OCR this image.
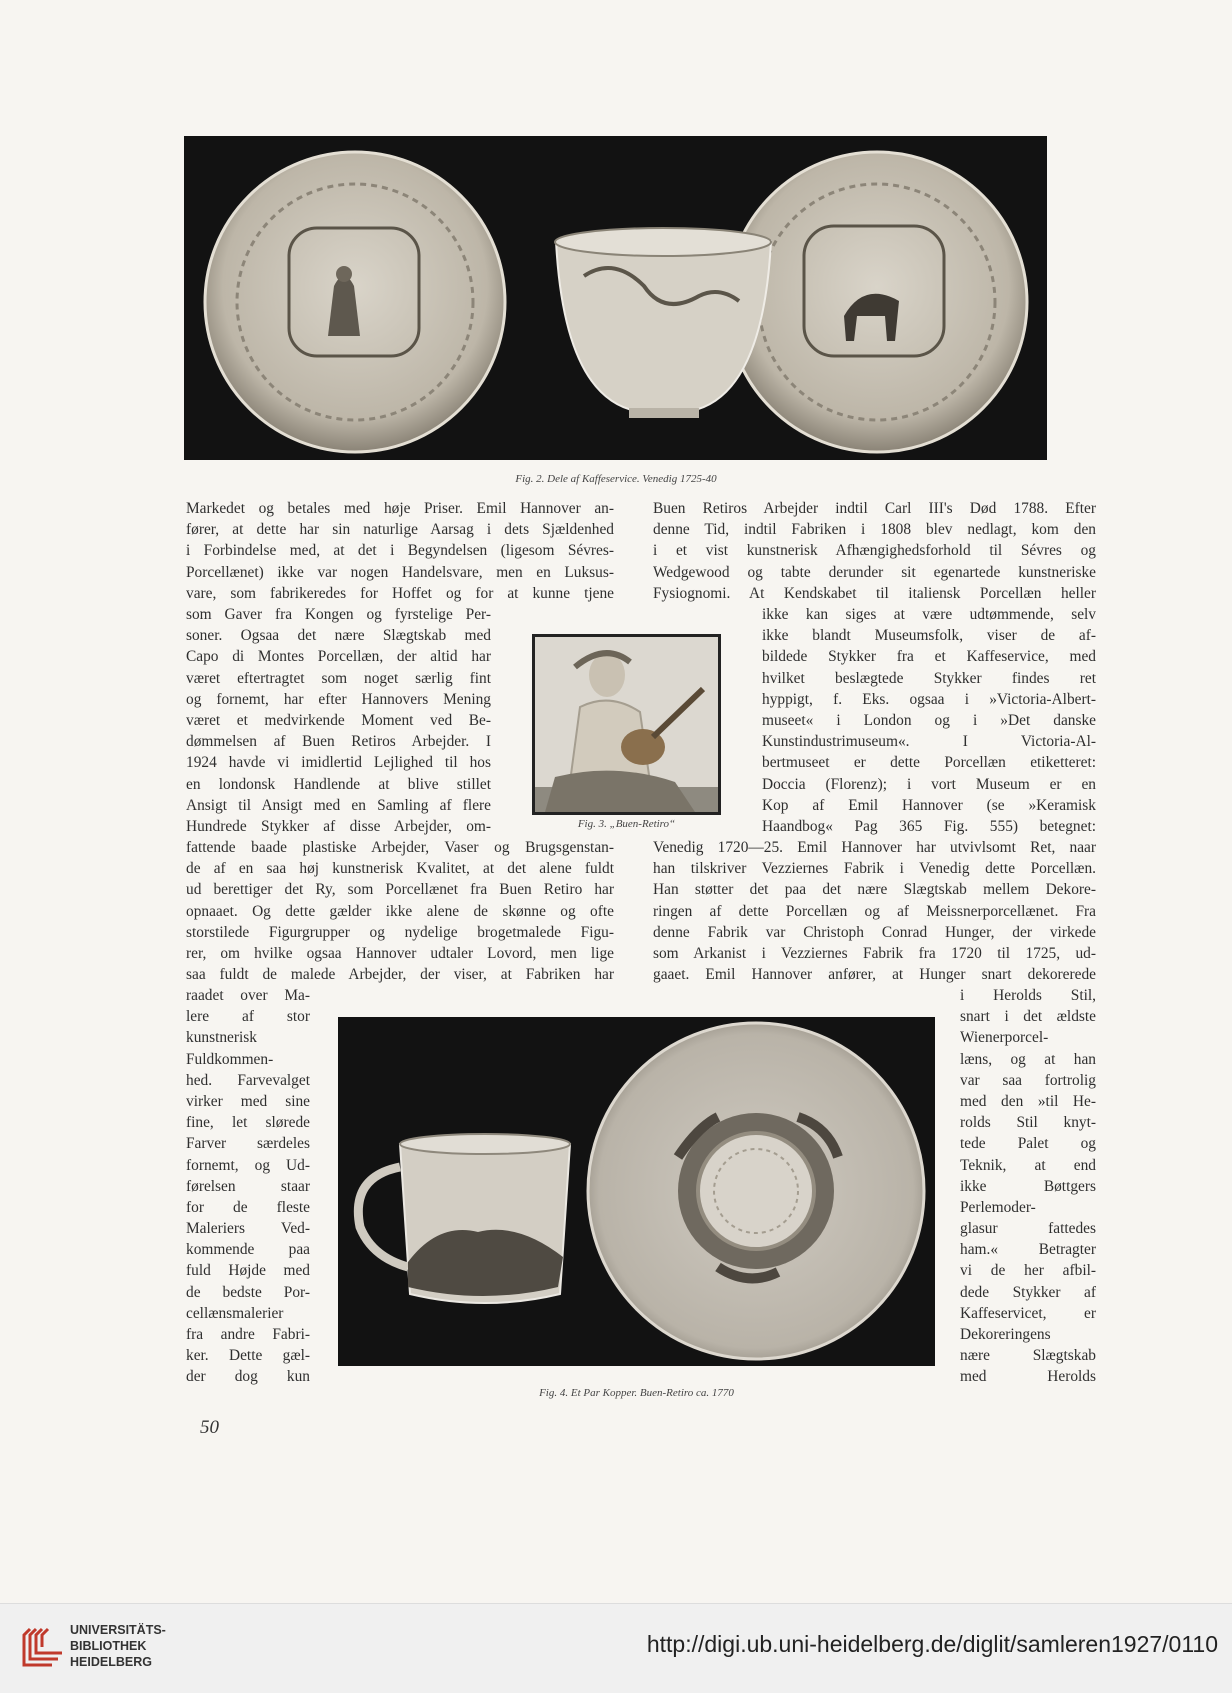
Fig. 2. Dele af Kaffeservice. Venedig 1725-40
Fig. 3. „Buen-Retiro“
Fig. 4. Et Par Kopper. Buen-Retiro ca. 1770
Markedet og betales med høje Priser. Emil Hannover an-
fører, at dette har sin naturlige Aarsag i dets Sjældenhed
i Forbindelse med, at det i Begyndelsen (ligesom Sévres-
Porcellænet) ikke var nogen Handelsvare, men en Luksus-
vare, som fabrikeredes for Hoffet og for at kunne tjene
som Gaver fra Kongen og fyrstelige Per-
soner. Ogsaa det nære Slægtskab med
Capo di Montes Porcellæn, der altid har
været eftertragtet som noget særlig fint
og fornemt, har efter Hannovers Mening
været et medvirkende Moment ved Be-
dømmelsen af Buen Retiros Arbejder. I
1924 havde vi imidlertid Lejlighed til hos
en londonsk Handlende at blive stillet
Ansigt til Ansigt med en Samling af flere
Hundrede Stykker af disse Arbejder, om-
fattende baade plastiske Arbejder, Vaser og Brugsgenstan-
de af en saa høj kunstnerisk Kvalitet, at det alene fuldt
ud berettiger det Ry, som Porcellænet fra Buen Retiro har
opnaaet. Og dette gælder ikke alene de skønne og ofte
storstilede Figurgrupper og nydelige brogetmalede Figu-
rer, om hvilke ogsaa Hannover udtaler Lovord, men lige
saa fuldt de malede Arbejder, der viser, at Fabriken har
raadet over Ma-
lere af stor
kunstnerisk
Fuldkommen-
hed. Farvevalget
virker med sine
fine, let slørede
Farver særdeles
fornemt, og Ud-
førelsen staar
for de fleste
Maleriers Ved-
kommende paa
fuld Højde med
de bedste Por-
cellænsmalerier
fra andre Fabri-
ker. Dette gæl-
der dog kun
Buen Retiros Arbejder indtil Carl III's Død 1788. Efter
denne Tid, indtil Fabriken i 1808 blev nedlagt, kom den
i et vist kunstnerisk Afhængighedsforhold til Sévres og
Wedgewood og tabte derunder sit egenartede kunstneriske
Fysiognomi. At Kendskabet til italiensk Porcellæn heller
ikke kan siges at være udtømmende, selv
ikke blandt Museumsfolk, viser de af-
bildede Stykker fra et Kaffeservice, med
hvilket beslægtede Stykker findes ret
hyppigt, f. Eks. ogsaa i »Victoria-Albert-
museet« i London og i »Det danske
Kunstindustrimuseum«. I Victoria-Al-
bertmuseet er dette Porcellæn etiketteret:
Doccia (Florenz); i vort Museum er en
Kop af Emil Hannover (se »Keramisk
Haandbog« Pag 365 Fig. 555) betegnet:
Venedig 1720—25. Emil Hannover har utvivlsomt Ret, naar
han tilskriver Vezziernes Fabrik i Venedig dette Porcellæn.
Han støtter det paa det nære Slægtskab mellem Dekore-
ringen af dette Porcellæn og af Meissnerporcellænet. Fra
denne Fabrik var Christoph Conrad Hunger, der virkede
som Arkanist i Vezziernes Fabrik fra 1720 til 1725, ud-
gaaet. Emil Hannover anfører, at Hunger snart dekorerede
i Herolds Stil,
snart i det ældste
Wienerporcel-
læns, og at han
var saa fortrolig
med den »til He-
rolds Stil knyt-
tede Palet og
Teknik, at end
ikke Bøttgers
Perlemoder-
glasur fattedes
ham.« Betragter
vi de her afbil-
dede Stykker af
Kaffeservicet, er
Dekoreringens
nære Slægtskab
med Herolds
50
UNIVERSITÄTS-
BIBLIOTHEK
HEIDELBERG
http://digi.ub.uni-heidelberg.de/diglit/samleren1927/0110
